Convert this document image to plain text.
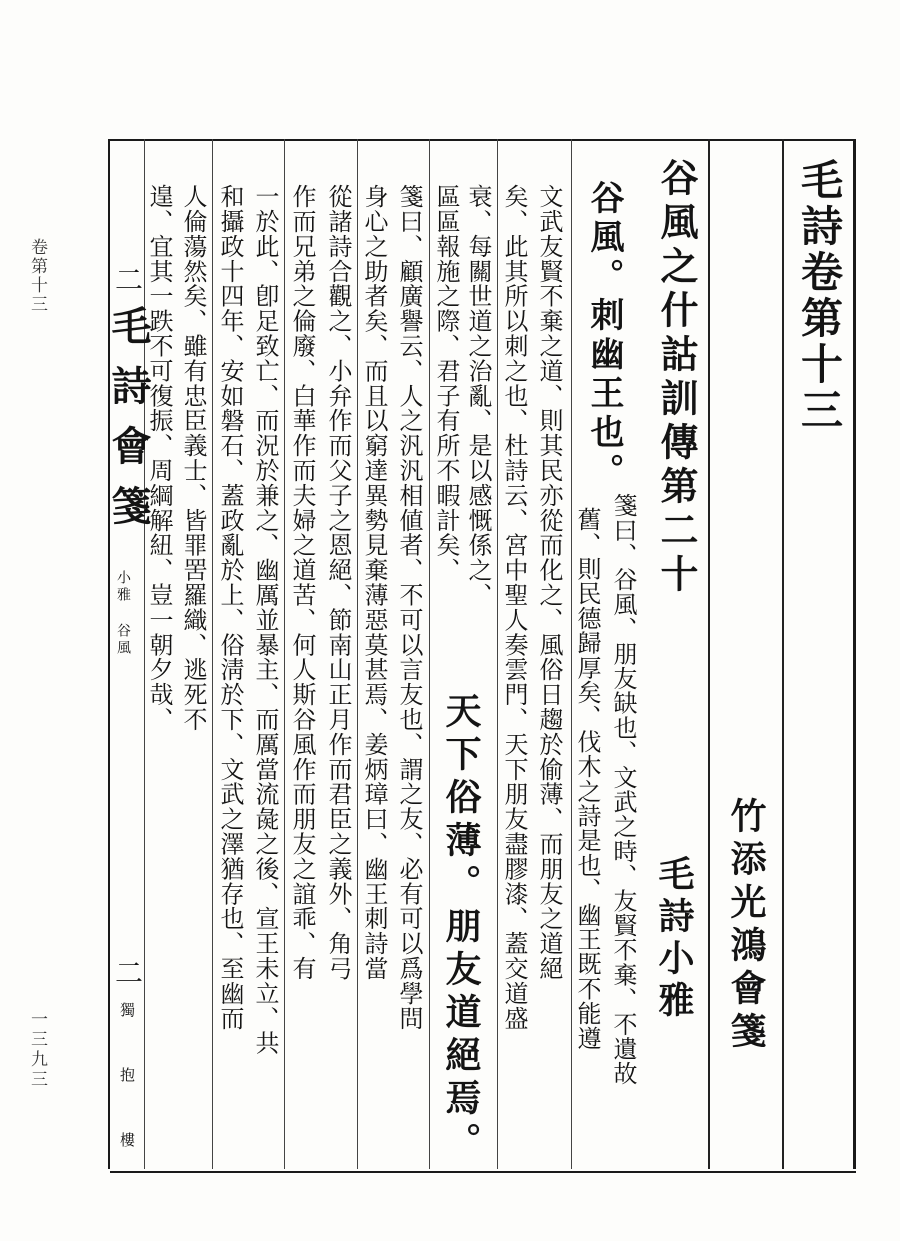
卷第十三
一三九三
二
毛詩會箋
小雅 谷風
二
獨 抱 樓
毛詩卷第十三
竹添光鴻會箋
谷風之什詁訓傳第二十
毛詩小雅
箋曰、谷風、朋友缺也、文武之時、友賢不棄、不遺故
舊、則民德歸厚矣、伐木之詩是也、幽王既不能遵
谷風。刺幽王也。
文武友賢不棄之道、則其民亦從而化之、風俗日趨於偷薄、而朋友之道絕
矣、此其所以刺之也、杜詩云、宮中聖人奏雲門、天下朋友盡膠漆、蓋交道盛
天下俗薄。朋友道絕焉。
衰、每關世道之治亂、是以感慨係之、
區區報施之際、君子有所不暇計矣、
箋曰、顧廣譽云、人之汎汎相値者、不可以言友也、謂之友、必有可以爲學問
身心之助者矣、而且以窮達異勢見棄薄惡莫甚焉、姜炳璋曰、幽王刺詩當
從諸詩合觀之、小弁作而父子之恩絕、節南山正月作而君臣之義外、角弓
作而兄弟之倫廢、白華作而夫婦之道苦、何人斯谷風作而朋友之誼乖、有
一於此、卽足致亡、而況於兼之、幽厲並暴主、而厲當流彘之後、宣王未立、共
和攝政十四年、安如磐石、蓋政亂於上、俗淸於下、文武之澤猶存也、至幽而
人倫蕩然矣、雖有忠臣義士、皆罪罟羅織、逃死不
遑、宜其一跌不可復振、周綱解紐、豈一朝夕哉、
